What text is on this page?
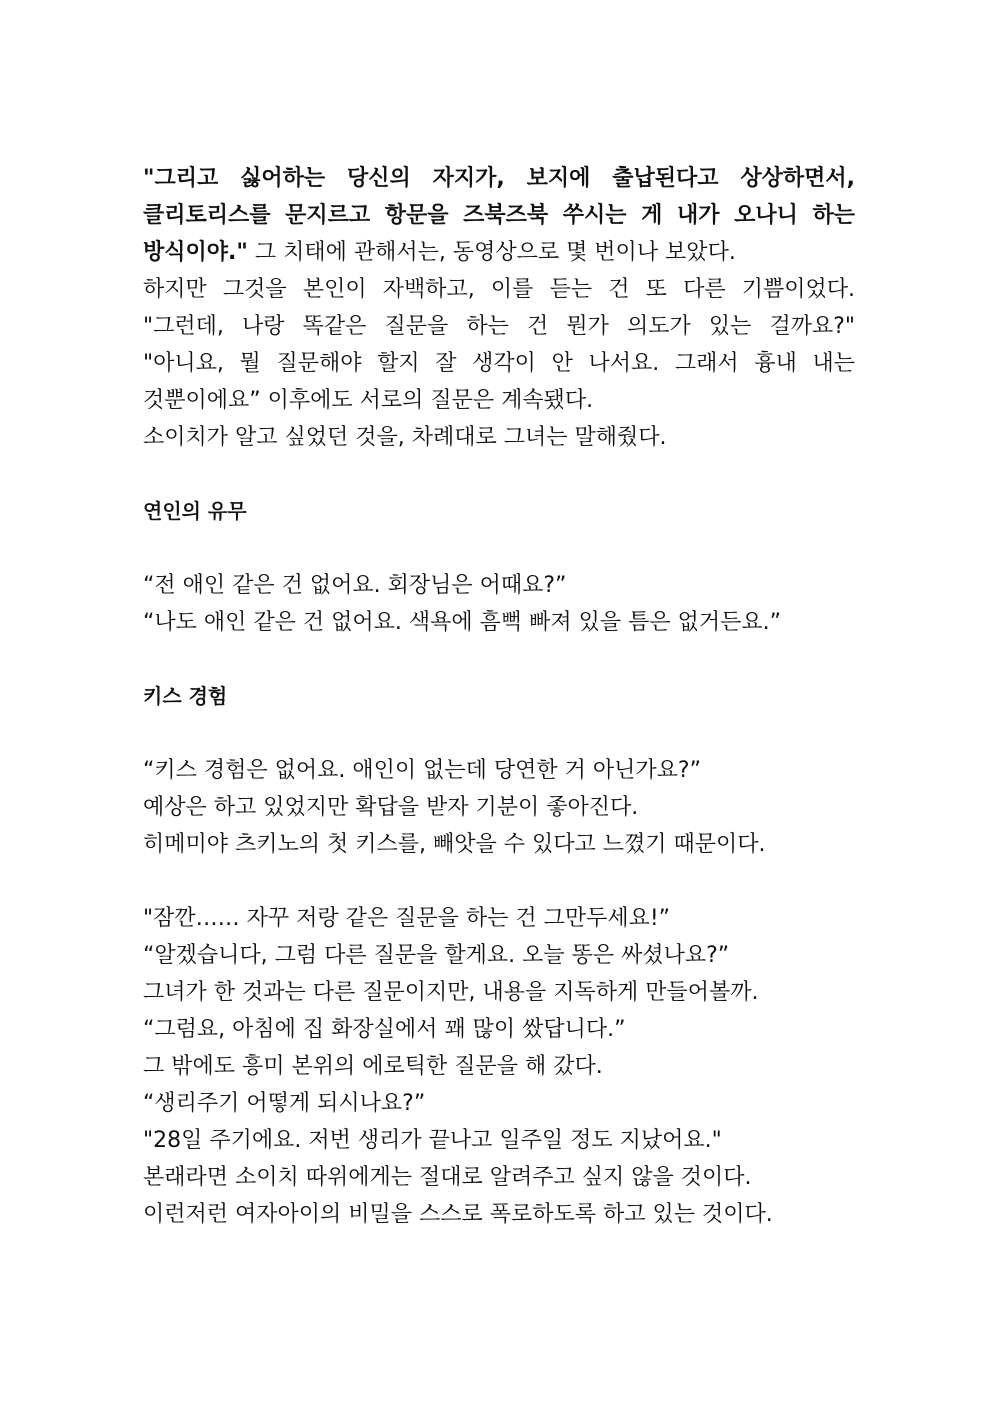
"그리고 싫어하는 당신의 자지가, 보지에 출납된다고 상상하면서,
클리토리스를 문지르고 항문을 즈북즈북 쑤시는 게 내가 오나니 하는
방식이야." 그 치태에 관해서는, 동영상으로 몇 번이나 보았다.
하지만 그것을 본인이 자백하고, 이를 듣는 건 또 다른 기쁨이었다.
"그런데, 나랑 똑같은 질문을 하는 건 뭔가 의도가 있는 걸까요?"
"아니요, 뭘 질문해야 할지 잘 생각이 안 나서요. 그래서 흉내 내는
것뿐이에요” 이후에도 서로의 질문은 계속됐다.
소이치가 알고 싶었던 것을, 차례대로 그녀는 말해줬다.
연인의 유무
“전 애인 같은 건 없어요. 회장님은 어때요?”
“나도 애인 같은 건 없어요. 색욕에 흠뻑 빠져 있을 틈은 없거든요.”
키스 경험
“키스 경험은 없어요. 애인이 없는데 당연한 거 아닌가요?”
예상은 하고 있었지만 확답을 받자 기분이 좋아진다.
히메미야 츠키노의 첫 키스를, 빼앗을 수 있다고 느꼈기 때문이다.
"잠깐…… 자꾸 저랑 같은 질문을 하는 건 그만두세요!”
“알겠습니다, 그럼 다른 질문을 할게요. 오늘 똥은 싸셨나요?”
그녀가 한 것과는 다른 질문이지만, 내용을 지독하게 만들어볼까.
“그럼요, 아침에 집 화장실에서 꽤 많이 쌌답니다.”
그 밖에도 흥미 본위의 에로틱한 질문을 해 갔다.
“생리주기 어떻게 되시나요?”
"28일 주기에요. 저번 생리가 끝나고 일주일 정도 지났어요."
본래라면 소이치 따위에게는 절대로 알려주고 싶지 않을 것이다.
이런저런 여자아이의 비밀을 스스로 폭로하도록 하고 있는 것이다.
